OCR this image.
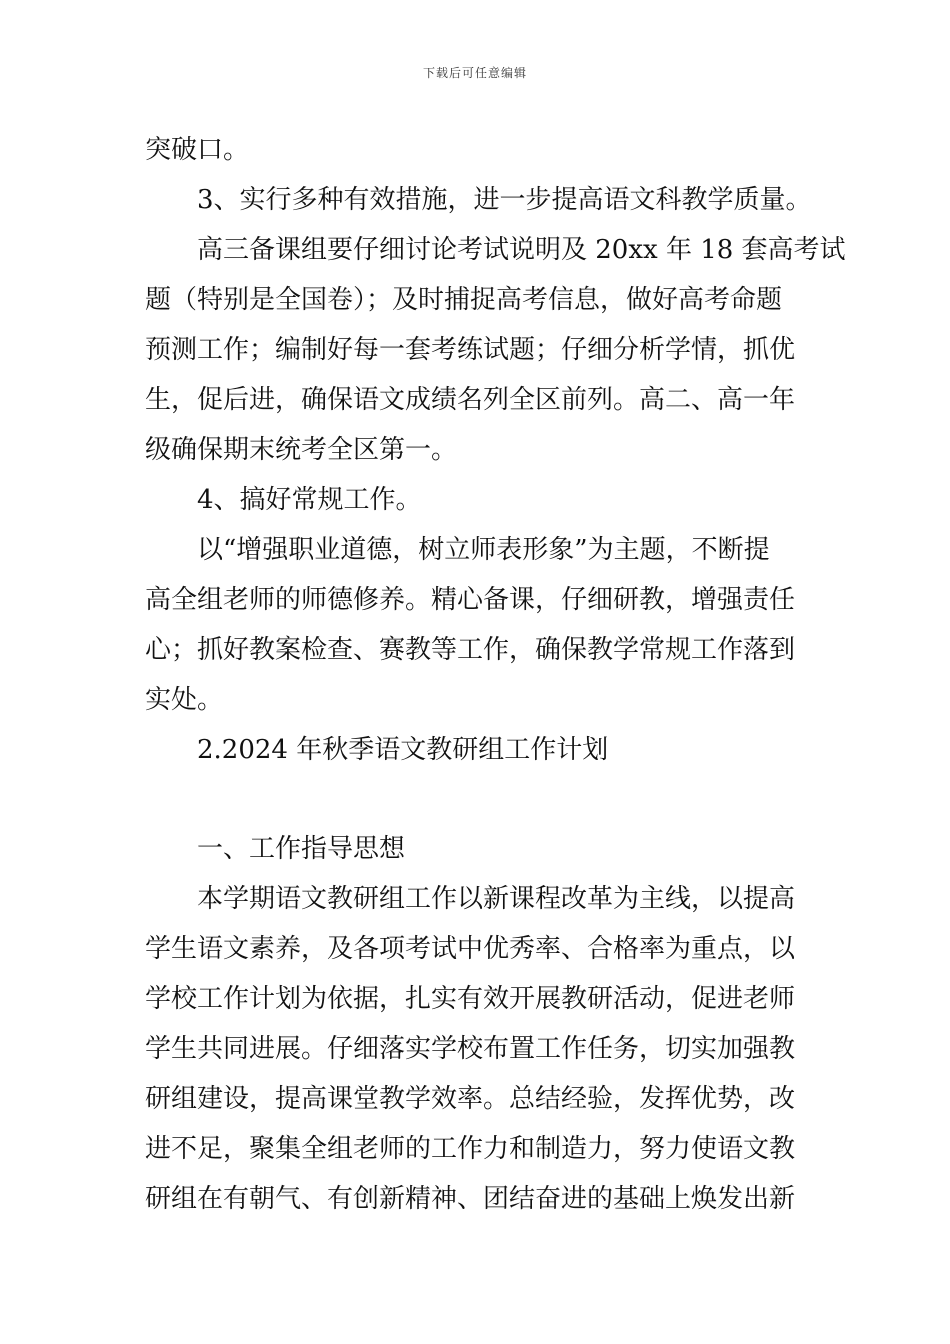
下载后可任意编辑
突破口。
3、实行多种有效措施，进一步提高语文科教学质量。
高三备课组要仔细讨论考试说明及 20xx 年 18 套高考试
题（特别是全国卷）；及时捕捉高考信息，做好高考命题
预测工作；编制好每一套考练试题；仔细分析学情，抓优
生，促后进，确保语文成绩名列全区前列。高二、高一年
级确保期末统考全区第一。
4、搞好常规工作。
以“增强职业道德，树立师表形象”为主题，不断提
高全组老师的师德修养。精心备课，仔细研教，增强责任
心；抓好教案检查、赛教等工作，确保教学常规工作落到
实处。
2.2024 年秋季语文教研组工作计划
一、工作指导思想
本学期语文教研组工作以新课程改革为主线，以提高
学生语文素养，及各项考试中优秀率、合格率为重点，以
学校工作计划为依据，扎实有效开展教研活动，促进老师
学生共同进展。仔细落实学校布置工作任务，切实加强教
研组建设，提高课堂教学效率。总结经验，发挥优势，改
进不足，聚集全组老师的工作力和制造力，努力使语文教
研组在有朝气、有创新精神、团结奋进的基础上焕发出新
